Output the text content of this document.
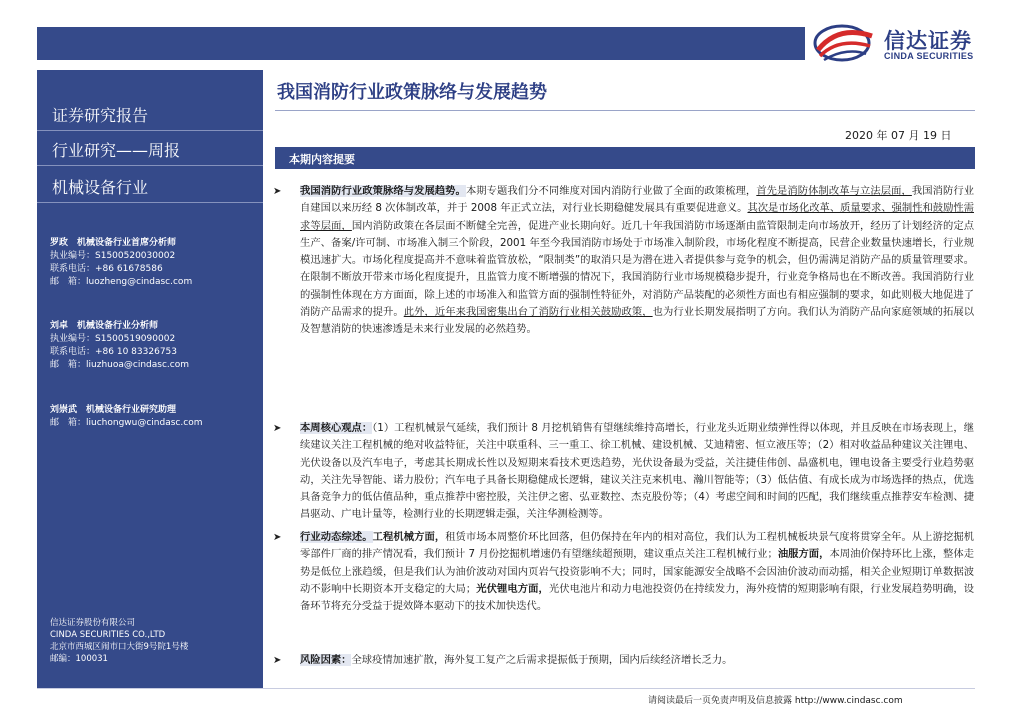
信达证券
CINDA SECURITIES
证券研究报告
行业研究——周报
机械设备行业
罗政  机械设备行业首席分析师
执业编号：S1500520030002
联系电话：+86 61678586
邮　箱：luozheng@cindasc.com
刘卓  机械设备行业分析师
执业编号：S1500519090002
联系电话：+86 10 83326753
邮　箱：liuzhuoa@cindasc.com
刘崇武  机械设备行业研究助理
邮　箱：liuchongwu@cindasc.com
信达证券股份有限公司
CINDA SECURITIES CO.,LTD
北京市西城区闹市口大街9号院1号楼
邮编：100031
我国消防行业政策脉络与发展趋势
2020 年 07 月 19 日
本期内容提要
➤ 我国消防行业政策脉络与发展趋势。本期专题我们分不同维度对国内消防行业做了全面的政策梳理，首先是消防体制改革与立法层面，我国消防行业自建国以来历经 8 次体制改革，并于 2008 年正式立法，对行业长期稳健发展具有重要促进意义。其次是市场化改革、质量要求、强制性和鼓励性需求等层面，国内消防政策在各层面不断健全完善，促进产业长期向好。近几十年我国消防市场逐渐由监管限制走向市场放开，经历了计划经济的定点生产、备案/许可制、市场准入制三个阶段，2001 年至今我国消防市场处于市场准入制阶段，市场化程度不断提高，民营企业数量快速增长，行业规模迅速扩大。市场化程度提高并不意味着监管放松，“限制类”的取消只是为潜在进入者提供参与竞争的机会，但仍需满足消防产品的质量管理要求。在限制不断放开带来市场化程度提升，且监管力度不断增强的情况下，我国消防行业市场规模稳步提升，行业竞争格局也在不断改善。我国消防行业的强制性体现在方方面面，除上述的市场准入和监管方面的强制性特征外，对消防产品装配的必须性方面也有相应强制的要求，如此则极大地促进了消防产品需求的提升。此外，近年来我国密集出台了消防行业相关鼓励政策，也为行业长期发展指明了方向。我们认为消防产品向家庭领域的拓展以及智慧消防的快速渗透是未来行业发展的必然趋势。
➤ 本周核心观点：（1）工程机械景气延续，我们预计 8 月挖机销售有望继续维持高增长，行业龙头近期业绩弹性得以体现，并且反映在市场表现上，继续建议关注工程机械的绝对收益特征，关注中联重科、三一重工、徐工机械、建设机械、艾迪精密、恒立液压等；（2）相对收益品种建议关注锂电、光伏设备以及汽车电子，考虑其长期成长性以及短期来看技术更迭趋势，光伏设备最为受益，关注捷佳伟创、晶盛机电，锂电设备主要受行业趋势驱动，关注先导智能、诺力股份；汽车电子具备长期稳健成长逻辑，建议关注克来机电、瀚川智能等；（3）低估值、有成长成为市场选择的热点，优选具备竞争力的低估值品种，重点推荐中密控股，关注伊之密、弘亚数控、杰克股份等；（4）考虑空间和时间的匹配，我们继续重点推荐安车检测、捷昌驱动、广电计量等，检测行业的长期逻辑走强，关注华测检测等。
➤ 行业动态综述。工程机械方面，租赁市场本周整价环比回落，但仍保持在年内的相对高位，我们认为工程机械板块景气度将贯穿全年。从上游挖掘机零部件厂商的排产情况看，我们预计 7 月份挖掘机增速仍有望继续超预期，建议重点关注工程机械行业；油服方面，本周油价保持环比上涨，整体走势是低位上涨趋缓，但是我们认为油价波动对国内页岩气投资影响不大；同时，国家能源安全战略不会因油价波动而动摇，相关企业短期订单数据波动不影响中长期资本开支稳定的大局；光伏锂电方面，光伏电池片和动力电池投资仍在持续发力，海外疫情的短期影响有限，行业发展趋势明确，设备环节将充分受益于提效降本驱动下的技术加快迭代。
➤ 风险因素：全球疫情加速扩散，海外复工复产之后需求提振低于预期，国内后续经济增长乏力。
请阅读最后一页免责声明及信息披露 http://www.cindasc.com
